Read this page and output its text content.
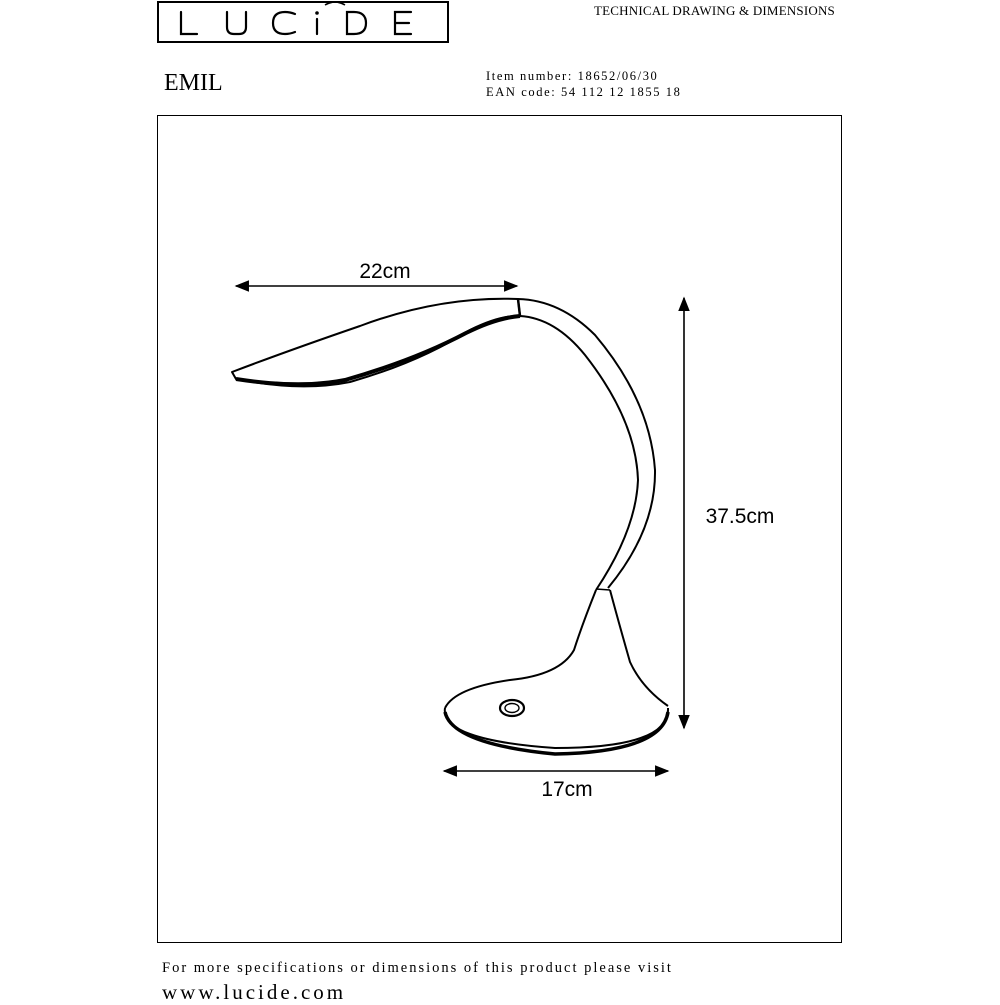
TECHNICAL DRAWING & DIMENSIONS
EMIL	Item number: 18652/06/30
EAN code: 54 112 12 1855 18
22cm
37.5cm
17cm
For more specifications or dimensions of this product please visit
www.lucide.com
